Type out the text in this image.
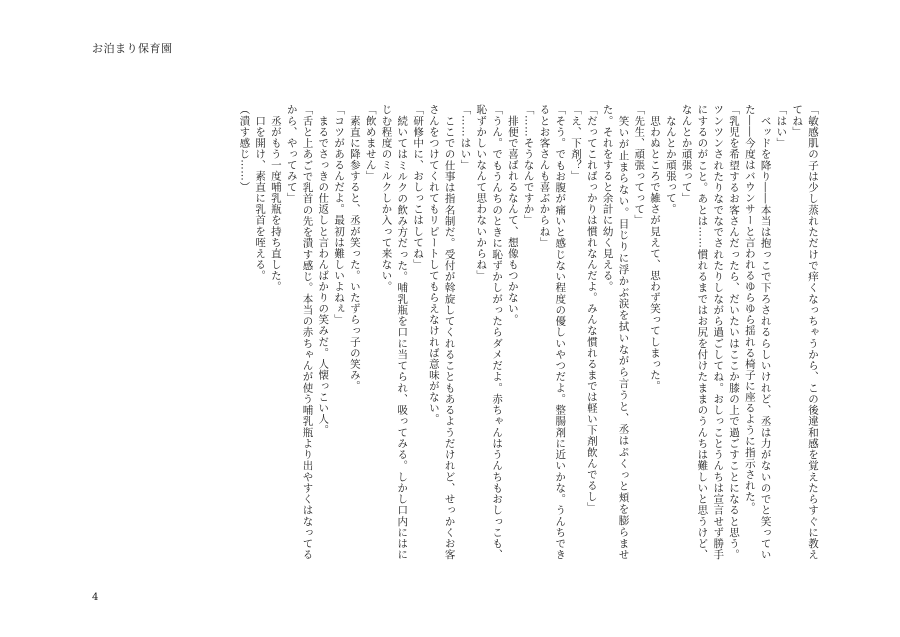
お泊まり保育園

「敏感肌の子は少し蒸れただけで痒くなっちゃうから、この後違和感を覚えたらすぐに教えてね」

「はい」

　ベッドを降り――本当は抱っこで下ろされるらしいけれど、丞は力がないのでと笑っていた――今度はバウンサーと言われるゆらゆら揺れる椅子に座るように指示された。

「乳児を希望するお客さんだったら、だいたいはここか膝の上で過ごすことになると思う。ツンツンされたりなでなでされたりしながら過ごしてね。おしっことうんちは宣言せず勝手にするのがこと。あとは……慣れるまではお尻を付けたままのうんちは難しいと思うけど、なんとか頑張って」

　なんとか頑張って。

　思わぬところで雑さが見えて、思わず笑ってしまった。

「先生、頑張ってって」

　笑いが止まらない。目じりに浮かぶ涙を拭いながら言うと、丞はぷくっと頬を膨らませた。それをすると余計に幼く見える。

「だってこればっかりは慣れなんだよ。みんな慣れるまでは軽い下剤飲んでるし」

「え、下剤？」

「そう。でもお腹が痛いと感じない程度の優しいやつだよ。整腸剤に近いかな。うんちできるとお客さんも喜ぶからね」

「……そうなんですか」

　排便で喜ばれるなんて、想像もつかない。

「うん。でもうんちのときに恥ずかしがったらダメだよ。赤ちゃんはうんちもおしっこも、恥ずかしいなんて思わないからね」

「……はい」

　ここでの仕事は指名制だ。受付が斡旋してくれることもあるようだけれど、せっかくお客さんをつけてくれてもリピートしてもらえなければ意味がない。

「研修中に、おしっこはしてね」

　続いてはミルクの飲み方だった。哺乳瓶を口に当てられ、吸ってみる。しかし口内にはにじむ程度のミルクしか入って来ない。

「飲めません」

　素直に降参すると、丞が笑った。いたずらっ子の笑み。

「コツがあるんだよ。最初は難しいよねぇ」

　まるでさっきの仕返しと言わんばかりの笑みだ。人懐っこい人。

「舌と上あごで乳首の先を潰す感じ。本当の赤ちゃんが使う哺乳瓶より出やすくはなってるから、やってみて」

　丞がもう一度哺乳瓶を持ち直した。

　口を開け、素直に乳首を咥える。

（潰す感じ……）

4
